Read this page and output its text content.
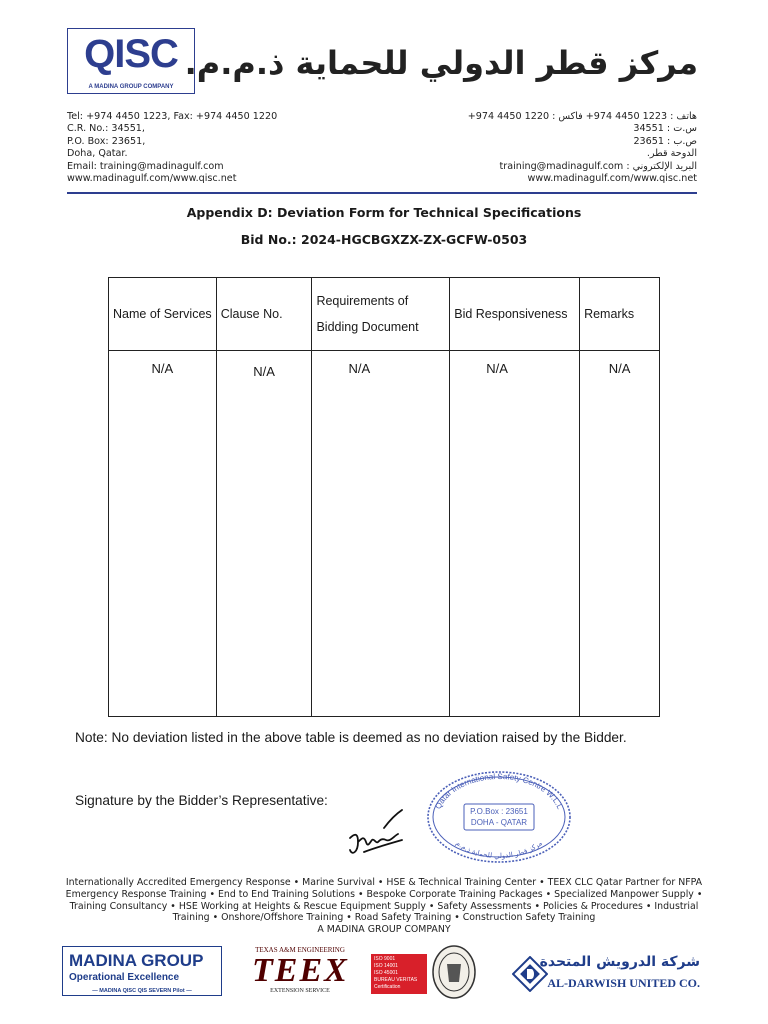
QISC
A MADINA GROUP COMPANY
مركز قطر الدولي للحماية ذ.م.م.
Tel: +974 4450 1223, Fax: +974 4450 1220
C.R. No.: 34551,
P.O. Box: 23651,
Doha, Qatar.
Email: training@madinagulf.com
www.madinagulf.com/www.qisc.net
هاتف : 1223 4450 974+ فاكس : 1220 4450 974+
س.ت : 34551
ص.ب : 23651
الدوحة قطر.
البريد الإلكتروني : training@madinagulf.com
www.madinagulf.com/www.qisc.net
Appendix D: Deviation Form for Technical Specifications
Bid No.: 2024-HGCBGXZX-ZX-GCFW-0503
Name of Services	Clause No.	Requirements of Bidding Document	Bid Responsiveness	Remarks
N/A	N/A	N/A	N/A	N/A
Note: No deviation listed in the above table is deemed as no deviation raised by the Bidder.
Signature by the Bidder’s Representative:	Qatar International Safety Centre W.L.L
مركز قطر الدولي للحماية ذ.م.م
P.O.Box : 23651
DOHA - QATAR
Internationally Accredited Emergency Response • Marine Survival • HSE & Technical Training Center • TEEX CLC Qatar Partner for NFPA Emergency Response Training • End to End Training Solutions • Bespoke Corporate Training Packages • Specialized Manpower Supply • Training Consultancy • HSE Working at Heights & Rescue Equipment Supply • Safety Assessments • Policies & Procedures • Industrial Training • Onshore/Offshore Training • Road Safety Training • Construction Safety Training
A MADINA GROUP COMPANY
MADINA GROUP
Operational Excellence
— MADINA QISC QIS SEVERN Pilot —
TEXAS A&M ENGINEERING
TEEX
EXTENSION SERVICE
ISO 9001
ISO 14001
ISO 45001
BUREAU VERITAS
Certification
شركة الدرويش المتحدة
AL-DARWISH UNITED CO.
